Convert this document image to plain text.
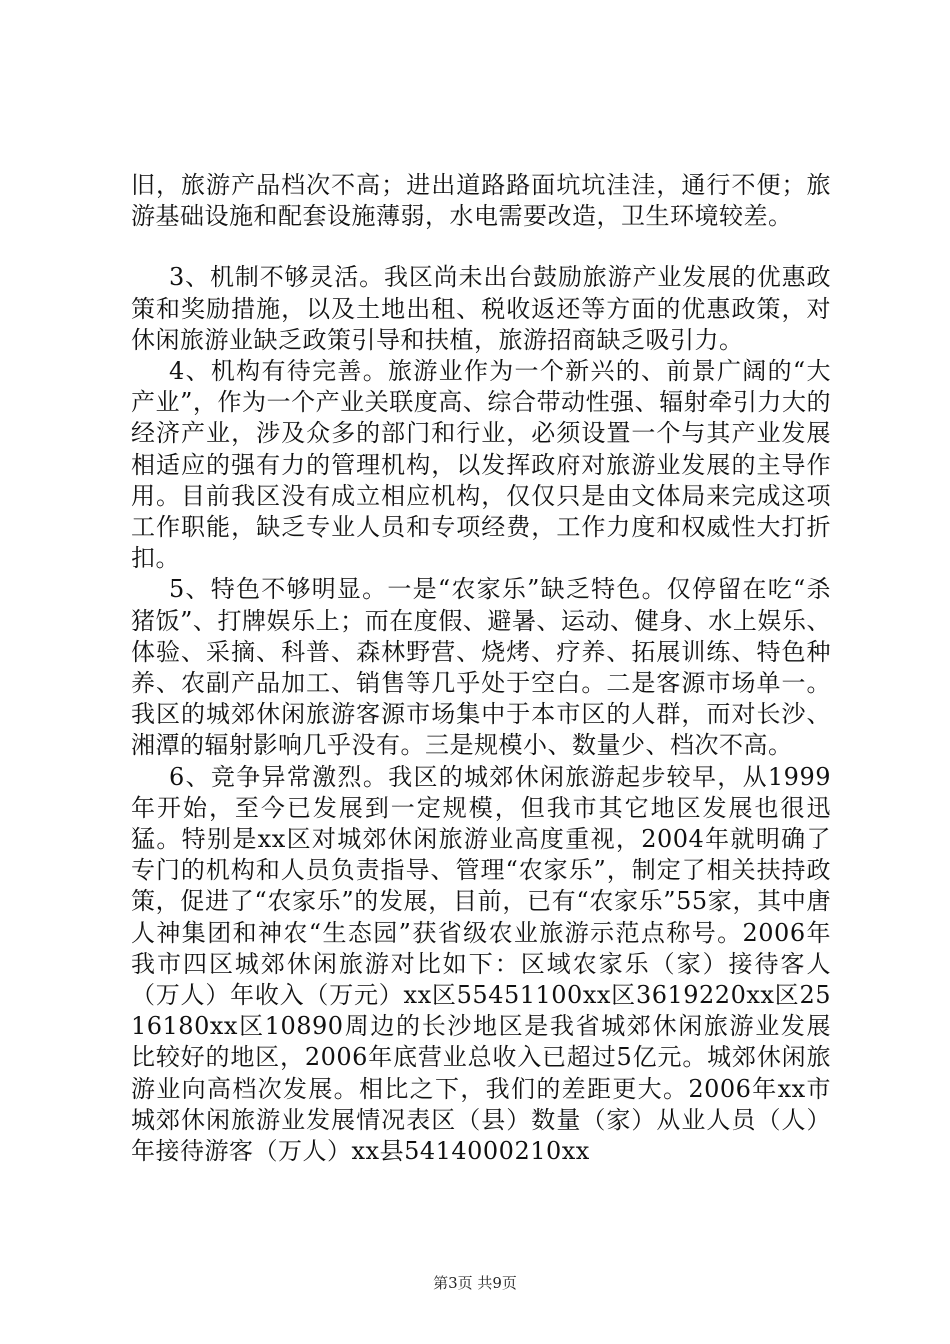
旧，旅游产品档次不高；进出道路路面坑坑洼洼，通行不便；旅游基础设施和配套设施薄弱，水电需要改造，卫生环境较差。

3、机制不够灵活。我区尚未出台鼓励旅游产业发展的优惠政策和奖励措施，以及土地出租、税收返还等方面的优惠政策，对休闲旅游业缺乏政策引导和扶植，旅游招商缺乏吸引力。

4、机构有待完善。旅游业作为一个新兴的、前景广阔的“大产业”，作为一个产业关联度高、综合带动性强、辐射牵引力大的经济产业，涉及众多的部门和行业，必须设置一个与其产业发展相适应的强有力的管理机构，以发挥政府对旅游业发展的主导作用。目前我区没有成立相应机构，仅仅只是由文体局来完成这项工作职能，缺乏专业人员和专项经费，工作力度和权威性大打折扣。

5、特色不够明显。一是“农家乐”缺乏特色。仅停留在吃“杀猪饭”、打牌娱乐上；而在度假、避暑、运动、健身、水上娱乐、体验、采摘、科普、森林野营、烧烤、疗养、拓展训练、特色种养、农副产品加工、销售等几乎处于空白。二是客源市场单一。我区的城郊休闲旅游客源市场集中于本市区的人群，而对长沙、湘潭的辐射影响几乎没有。三是规模小、数量少、档次不高。

6、竞争异常激烈。我区的城郊休闲旅游起步较早，从1999年开始，至今已发展到一定规模，但我市其它地区发展也很迅猛。特别是xx区对城郊休闲旅游业高度重视，2004年就明确了专门的机构和人员负责指导、管理“农家乐”，制定了相关扶持政策，促进了“农家乐”的发展，目前，已有“农家乐”55家，其中唐人神集团和神农“生态园”获省级农业旅游示范点称号。2006年我市四区城郊休闲旅游对比如下：区域农家乐（家）接待客人（万人）年收入（万元）xx区55451100xx区3619220xx区2516180xx区10890周边的长沙地区是我省城郊休闲旅游业发展比较好的地区，2006年底营业总收入已超过5亿元。城郊休闲旅游业向高档次发展。相比之下，我们的差距更大。2006年xx市城郊休闲旅游业发展情况表区（县）数量（家）从业人员（人）年接待游客（万人）xx县5414000210xx

第3页 共9页
